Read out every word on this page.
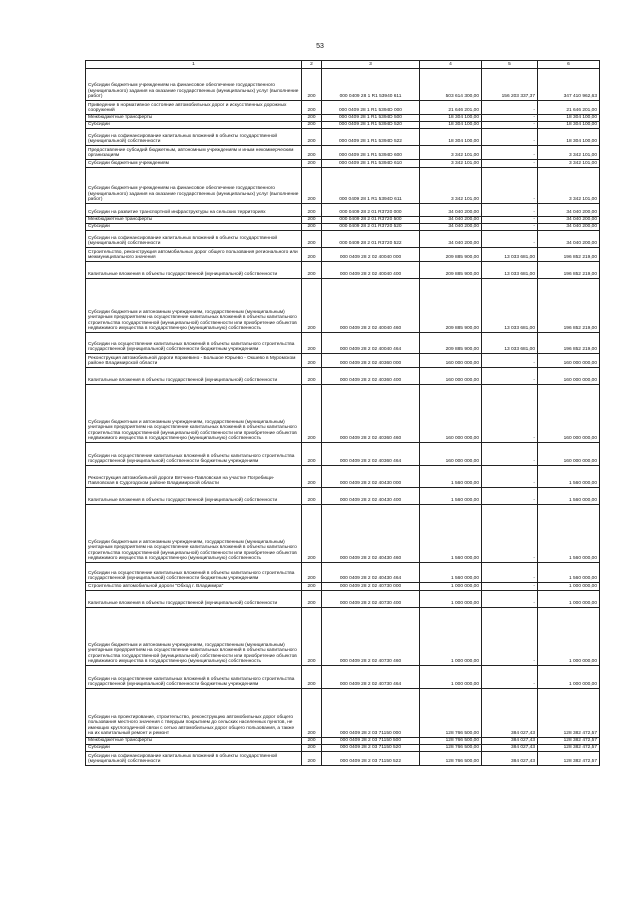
53
1	2	3	4	5	6
Субсидии бюджетным учреждениям на финансовое обеспечение государственного (муниципального) задания на оказание государственных (муниципальных) услуг (выполнение работ)	200	000 0409 28 1 R1 53940 611	503 614 300,00	156 203 337,37	347 410 962,63
Приведение в нормативное состояние автомобильных дорог и искусственных дорожных сооружений	200	000 0409 28 1 R1 5394D 000	21 646 201,00	-	21 646 201,00
Межбюджетные трансферты	200	000 0409 28 1 R1 5394D 500	18 304 100,00	-	18 304 100,00
Субсидии	200	000 0409 28 1 R1 5394D 520	18 304 100,00	-	18 304 100,00
Субсидии на софинансирование капитальных вложений в объекты государственной (муниципальной) собственности	200	000 0409 28 1 R1 5394D 522	18 304 100,00	-	18 304 100,00
Предоставление субсидий бюджетным, автономным учреждениям и иным некоммерческим организациям	200	000 0409 28 1 R1 5394D 600	3 342 101,00	-	3 342 101,00
Субсидии бюджетным учреждениям	200	000 0409 28 1 R1 5394D 610	3 342 101,00	-	3 342 101,00
Субсидии бюджетным учреждениям на финансовое обеспечение государственного (муниципального) задания на оказание государственных (муниципальных) услуг (выполнение работ)	200	000 0409 28 1 R1 5394D 611	3 342 101,00	-	3 342 101,00
Субсидии на развитие транспортной инфраструктуры на сельских территориях	200	000 0409 28 2 01 R3720 000	34 040 200,00	-	34 040 200,00
Межбюджетные трансферты	200	000 0409 28 2 01 R3720 500	34 040 200,00	-	34 040 200,00
Субсидии	200	000 0409 28 2 01 R3720 520	34 040 200,00	-	34 040 200,00
Субсидии на софинансирование капитальных вложений в объекты государственной (муниципальной) собственности	200	000 0409 28 2 01 R3720 522	34 040 200,00	-	34 040 200,00
Строительство, реконструкция автомобильных дорог общего пользования регионального или межмуниципального значения	200	000 0409 28 2 02 40040 000	209 885 900,00	13 033 681,00	196 852 219,00
Капитальные вложения в объекты государственной (муниципальной) собственности	200	000 0409 28 2 02 40040 400	209 885 900,00	13 033 681,00	196 852 219,00
Субсидии бюджетным и автономным учреждениям, государственным (муниципальным) унитарным предприятиям на осуществление капитальных вложений в объекты капитального строительства государственной (муниципальной) собственности или приобретение объектов недвижимого имущества в государственную (муниципальную) собственность	200	000 0409 28 2 02 40040 460	209 885 900,00	13 033 681,00	196 852 219,00
Субсидии на осуществление капитальных вложений в объекты капитального строительства государственной (муниципальной) собственности бюджетным учреждениям	200	000 0409 28 2 02 40040 464	209 885 900,00	13 033 681,00	196 852 219,00
Реконструкция автомобильной дороги Коржевино - Большое Юрьево - Окшево в Муромском районе Владимирской области	200	000 0409 28 2 02 40360 000	160 000 000,00	-	160 000 000,00
Капитальные вложения в объекты государственной (муниципальной) собственности	200	000 0409 28 2 02 40360 400	160 000 000,00	-	160 000 000,00
Субсидии бюджетным и автономным учреждениям, государственным (муниципальным) унитарным предприятиям на осуществление капитальных вложений в объекты капитального строительства государственной (муниципальной) собственности или приобретение объектов недвижимого имущества в государственную (муниципальную) собственность	200	000 0409 28 2 02 40360 460	160 000 000,00	-	160 000 000,00
Субсидии на осуществление капитальных вложений в объекты капитального строительства государственной (муниципальной) собственности бюджетным учреждениям	200	000 0409 28 2 02 40360 464	160 000 000,00	-	160 000 000,00
Реконструкция автомобильной дороги Вятчино-Павловская на участке Погребищи-Павловская в Судогодском районе Владимирской области	200	000 0409 28 2 02 40430 000	1 560 000,00	-	1 560 000,00
Капитальные вложения в объекты государственной (муниципальной) собственности	200	000 0409 28 2 02 40430 400	1 560 000,00	-	1 560 000,00
Субсидии бюджетным и автономным учреждениям, государственным (муниципальным) унитарным предприятиям на осуществление капитальных вложений в объекты капитального строительства государственной (муниципальной) собственности или приобретение объектов недвижимого имущества в государственную (муниципальную) собственность	200	000 0409 28 2 02 40430 460	1 560 000,00	-	1 560 000,00
Субсидии на осуществление капитальных вложений в объекты капитального строительства государственной (муниципальной) собственности бюджетным учреждениям	200	000 0409 28 2 02 40430 464	1 560 000,00	-	1 560 000,00
Строительство автомобильной дороги "Обход г. Владимира"	200	000 0409 28 2 02 40730 000	1 000 000,00	-	1 000 000,00
Капитальные вложения в объекты государственной (муниципальной) собственности	200	000 0409 28 2 02 40730 400	1 000 000,00	-	1 000 000,00
Субсидии бюджетным и автономным учреждениям, государственным (муниципальным) унитарным предприятиям на осуществление капитальных вложений в объекты капитального строительства государственной (муниципальной) собственности или приобретение объектов недвижимого имущества в государственную (муниципальную) собственность	200	000 0409 28 2 02 40730 460	1 000 000,00	-	1 000 000,00
Субсидии на осуществление капитальных вложений в объекты капитального строительства государственной (муниципальной) собственности бюджетным учреждениям	200	000 0409 28 2 02 40730 464	1 000 000,00	-	1 000 000,00
Субсидии на проектирование, строительство, реконструкцию автомобильных дорог общего пользования местного значения с твердым покрытием до сельских населенных пунктов, не имеющих круглогодичной связи с сетью автомобильных дорог общего пользования, а также на их капитальный ремонт и ремонт	200	000 0409 28 2 03 71150 000	128 766 500,00	384 027,43	128 382 472,57
Межбюджетные трансферты	200	000 0409 28 2 03 71150 500	128 766 500,00	384 027,43	128 382 472,57
Субсидии	200	000 0409 28 2 03 71150 520	128 766 500,00	384 027,43	128 382 472,57
Субсидии на софинансирование капитальных вложений в объекты государственной (муниципальной) собственности	200	000 0409 28 2 03 71150 522	128 766 500,00	384 027,43	128 382 472,57
